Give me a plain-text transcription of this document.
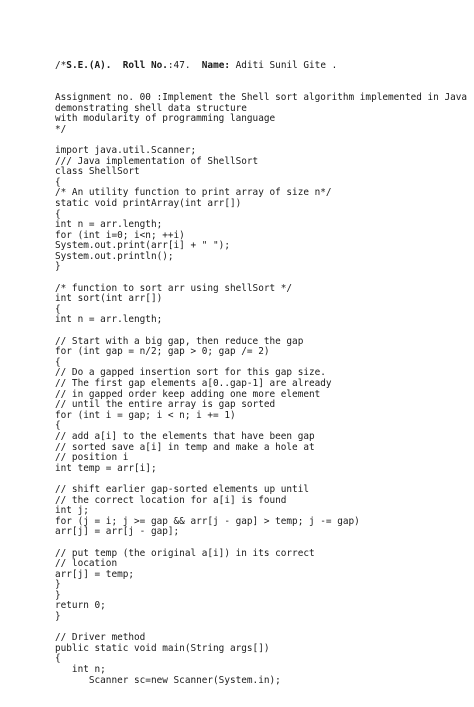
/*S.E.(A). Roll No.:47. Name: Aditi Sunil Gite .

Assignment no. 00 :Implement the Shell sort algorithm implemented in Java
demonstrating shell data structure
with modularity of programming language
*/
import java.util.Scanner;
/// Java implementation of ShellSort
class ShellSort
{
/* An utility function to print array of size n*/
static void printArray(int arr[])
{
int n = arr.length;
for (int i=0; i<n; ++i)
System.out.print(arr[i] + " ");
System.out.println();
}
/* function to sort arr using shellSort */
int sort(int arr[])
{
int n = arr.length;
// Start with a big gap, then reduce the gap
for (int gap = n/2; gap > 0; gap /= 2)
{
// Do a gapped insertion sort for this gap size.
// The first gap elements a[0..gap-1] are already
// in gapped order keep adding one more element
// until the entire array is gap sorted
for (int i = gap; i < n; i += 1)
{
// add a[i] to the elements that have been gap
// sorted save a[i] in temp and make a hole at
// position i
int temp = arr[i];
// shift earlier gap-sorted elements up until
// the correct location for a[i] is found
int j;
for (j = i; j >= gap && arr[j - gap] > temp; j -= gap)
arr[j] = arr[j - gap];
// put temp (the original a[i]) in its correct
// location
arr[j] = temp;
}
}
return 0;
}
// Driver method
public static void main(String args[])
{
int n;
Scanner sc=new Scanner(System.in);
